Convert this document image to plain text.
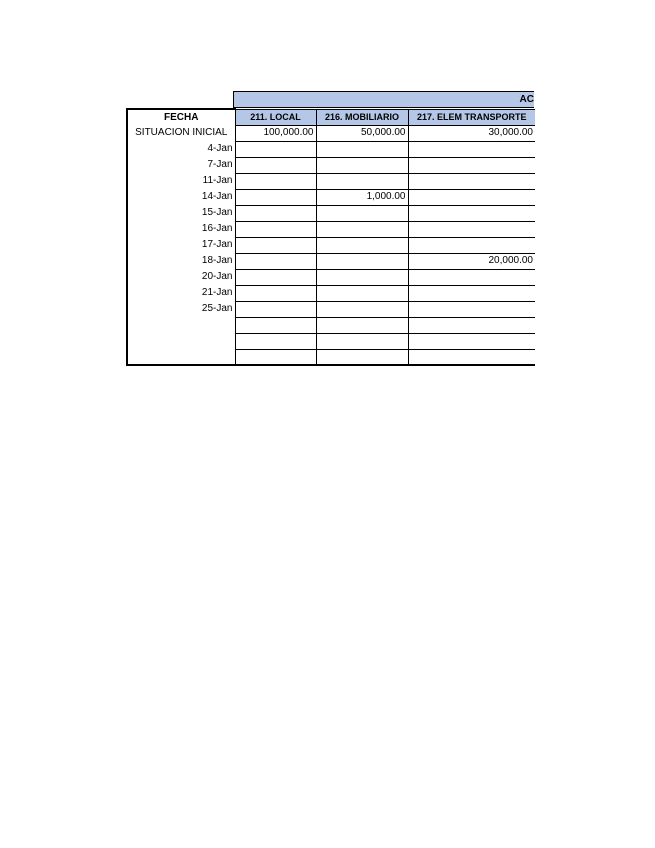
AC
FECHA	211. LOCAL	216. MOBILIARIO	217. ELEM TRANSPORTE
SITUACION INICIAL	100,000.00	50,000.00	30,000.00
4-Jan			
7-Jan			
11-Jan			
14-Jan		1,000.00	
15-Jan			
16-Jan			
17-Jan			
18-Jan			20,000.00
20-Jan			
21-Jan			
25-Jan			
